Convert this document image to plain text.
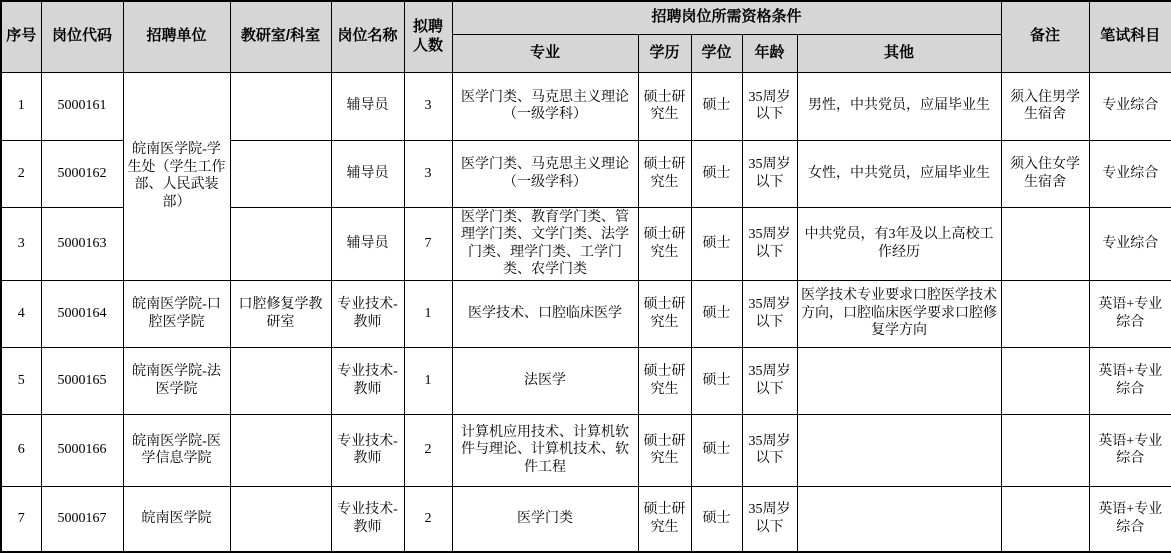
序号	岗位代码	招聘单位	教研室/科室	岗位名称	拟聘人数	招聘岗位所需资格条件					备注	笔试科目
						专业	学历	学位	年龄	其他		
1	5000161	皖南医学院-学生处（学生工作部、人民武装部）		辅导员	3	医学门类、马克思主义理论（一级学科）	硕士研究生	硕士	35周岁以下	男性，中共党员，应届毕业生	须入住男学生宿舍	专业综合
2	5000162			辅导员	3	医学门类、马克思主义理论（一级学科）	硕士研究生	硕士	35周岁以下	女性，中共党员，应届毕业生	须入住女学生宿舍	专业综合
3	5000163			辅导员	7	医学门类、教育学门类、管理学门类、文学门类、法学门类、理学门类、工学门类、农学门类	硕士研究生	硕士	35周岁以下	中共党员，有3年及以上高校工作经历		专业综合
4	5000164	皖南医学院-口腔医学院	口腔修复学教研室	专业技术-教师	1	医学技术、口腔临床医学	硕士研究生	硕士	35周岁以下	医学技术专业要求口腔医学技术方向，口腔临床医学要求口腔修复学方向		英语+专业综合
5	5000165	皖南医学院-法医学院		专业技术-教师	1	法医学	硕士研究生	硕士	35周岁以下			英语+专业综合
6	5000166	皖南医学院-医学信息学院		专业技术-教师	2	计算机应用技术、计算机软件与理论、计算机技术、软件工程	硕士研究生	硕士	35周岁以下			英语+专业综合
7	5000167	皖南医学院		专业技术-教师	2	医学门类	硕士研究生	硕士	35周岁以下			英语+专业综合
